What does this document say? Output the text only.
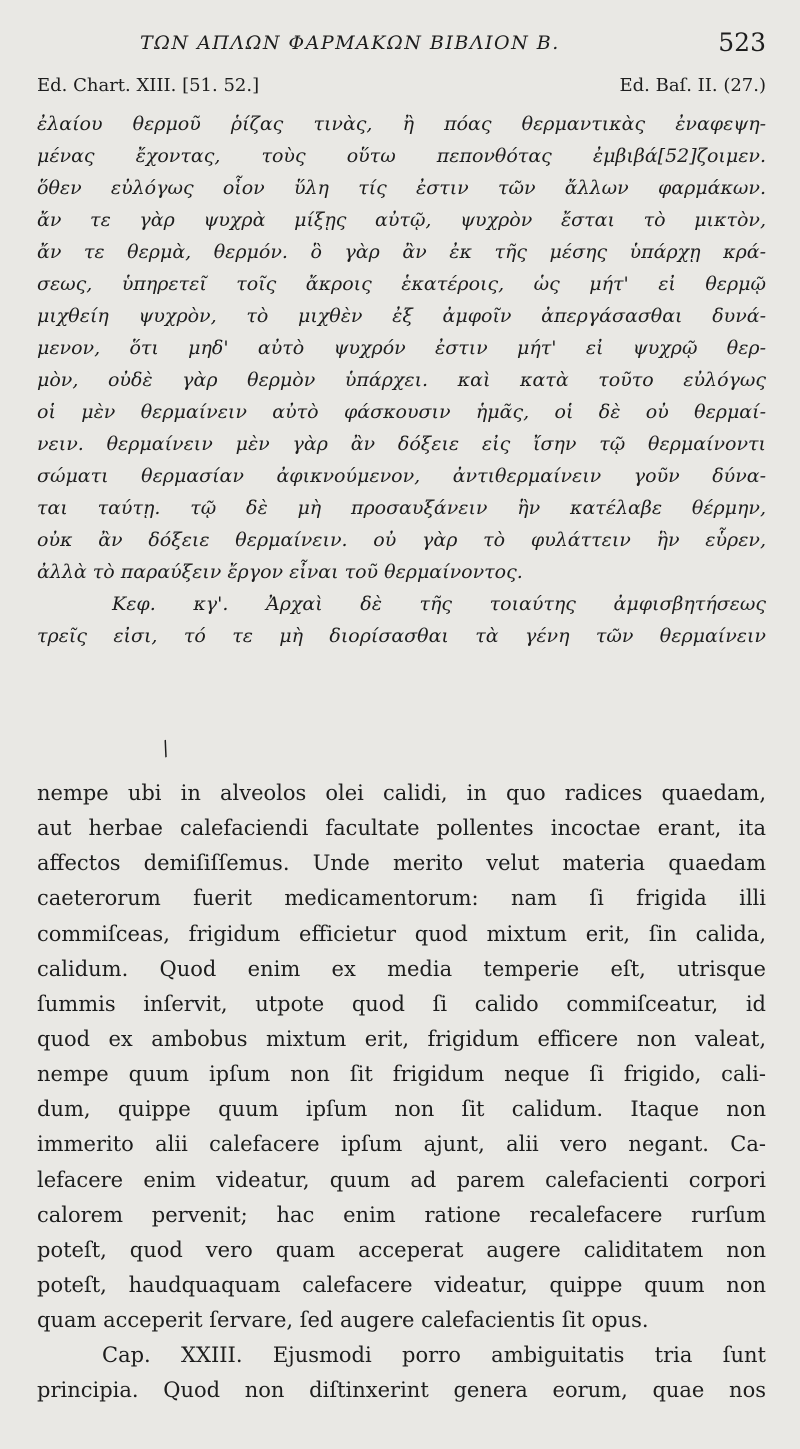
ΤΩΝ ΑΠΛΩΝ ΦΑΡΜΑΚΩΝ ΒΙΒΛΙΟΝ Β.	523
Ed. Chart. XIII. [51. 52.]	Ed. Baſ. II. (27.)
ἐλαίου θερμοῦ ῥίζας τινὰς, ἢ πόας θερμαντικὰς ἐναφεψη-
μένας ἔχοντας, τοὺς οὕτω πεπονθότας ἐμβιβά[52]ζοιμεν.
ὅθεν εὐλόγως οἷον ὕλη τίς ἐστιν τῶν ἄλλων φαρμάκων.
ἄν τε γὰρ ψυχρὰ μίξῃς αὐτῷ, ψυχρὸν ἔσται τὸ μικτὸν,
ἄν τε θερμὰ, θερμόν. ὃ γὰρ ἂν ἐκ τῆς μέσης ὑπάρχῃ κρά-
σεως, ὑπηρετεῖ τοῖς ἄκροις ἑκατέροις, ὡς μήτ' εἰ θερμῷ
μιχθείη ψυχρὸν, τὸ μιχθὲν ἐξ ἀμφοῖν ἀπεργάσασθαι δυνά-
μενον, ὅτι μηδ' αὐτὸ ψυχρόν ἐστιν μήτ' εἰ ψυχρῷ θερ-
μὸν, οὐδὲ γὰρ θερμὸν ὑπάρχει. καὶ κατὰ τοῦτο εὐλόγως
οἱ μὲν θερμαίνειν αὐτὸ φάσκουσιν ἡμᾶς, οἱ δὲ οὐ θερμαί-
νειν. θερμαίνειν μὲν γὰρ ἂν δόξειε εἰς ἴσην τῷ θερμαίνοντι
σώματι θερμασίαν ἀφικνούμενον, ἀντιθερμαίνειν γοῦν δύνα-
ται ταύτῃ. τῷ δὲ μὴ προσαυξάνειν ἣν κατέλαβε θέρμην,
οὐκ ἂν δόξειε θερμαίνειν. οὐ γὰρ τὸ φυλάττειν ἣν εὗρεν,
ἀλλὰ τὸ παραύξειν ἔργον εἶναι τοῦ θερμαίνοντος.
Κεφ. κγ'. Ἀρχαὶ δὲ τῆς τοιαύτης ἀμφισβητήσεως
τρεῖς εἰσι, τό τε μὴ διορίσασθαι τὰ γένη τῶν θερμαίνειν
/
nempe ubi in alveolos olei calidi, in quo radices quaedam,
aut herbae calefaciendi facultate pollentes incoctae erant, ita
affectos demiſiſſemus. Unde merito velut materia quaedam
caeterorum fuerit medicamentorum: nam ſi frigida illi
commiſceas, frigidum efficietur quod mixtum erit, ſin calida,
calidum. Quod enim ex media temperie eſt, utrisque
ſummis inſervit, utpote quod ſi calido commiſceatur, id
quod ex ambobus mixtum erit, frigidum efficere non valeat,
nempe quum ipſum non ſit frigidum neque ſi frigido, cali-
dum, quippe quum ipſum non ſit calidum. Itaque non
immerito alii calefacere ipſum ajunt, alii vero negant. Ca-
lefacere enim videatur, quum ad parem calefacienti corpori
calorem pervenit; hac enim ratione recalefacere rurſum
poteſt, quod vero quam acceperat augere caliditatem non
poteſt, haudquaquam calefacere videatur, quippe quum non
quam acceperit ſervare, ſed augere calefacientis ſit opus.
Cap. XXIII. Ejusmodi porro ambiguitatis tria ſunt
principia. Quod non diſtinxerint genera eorum, quae nos
